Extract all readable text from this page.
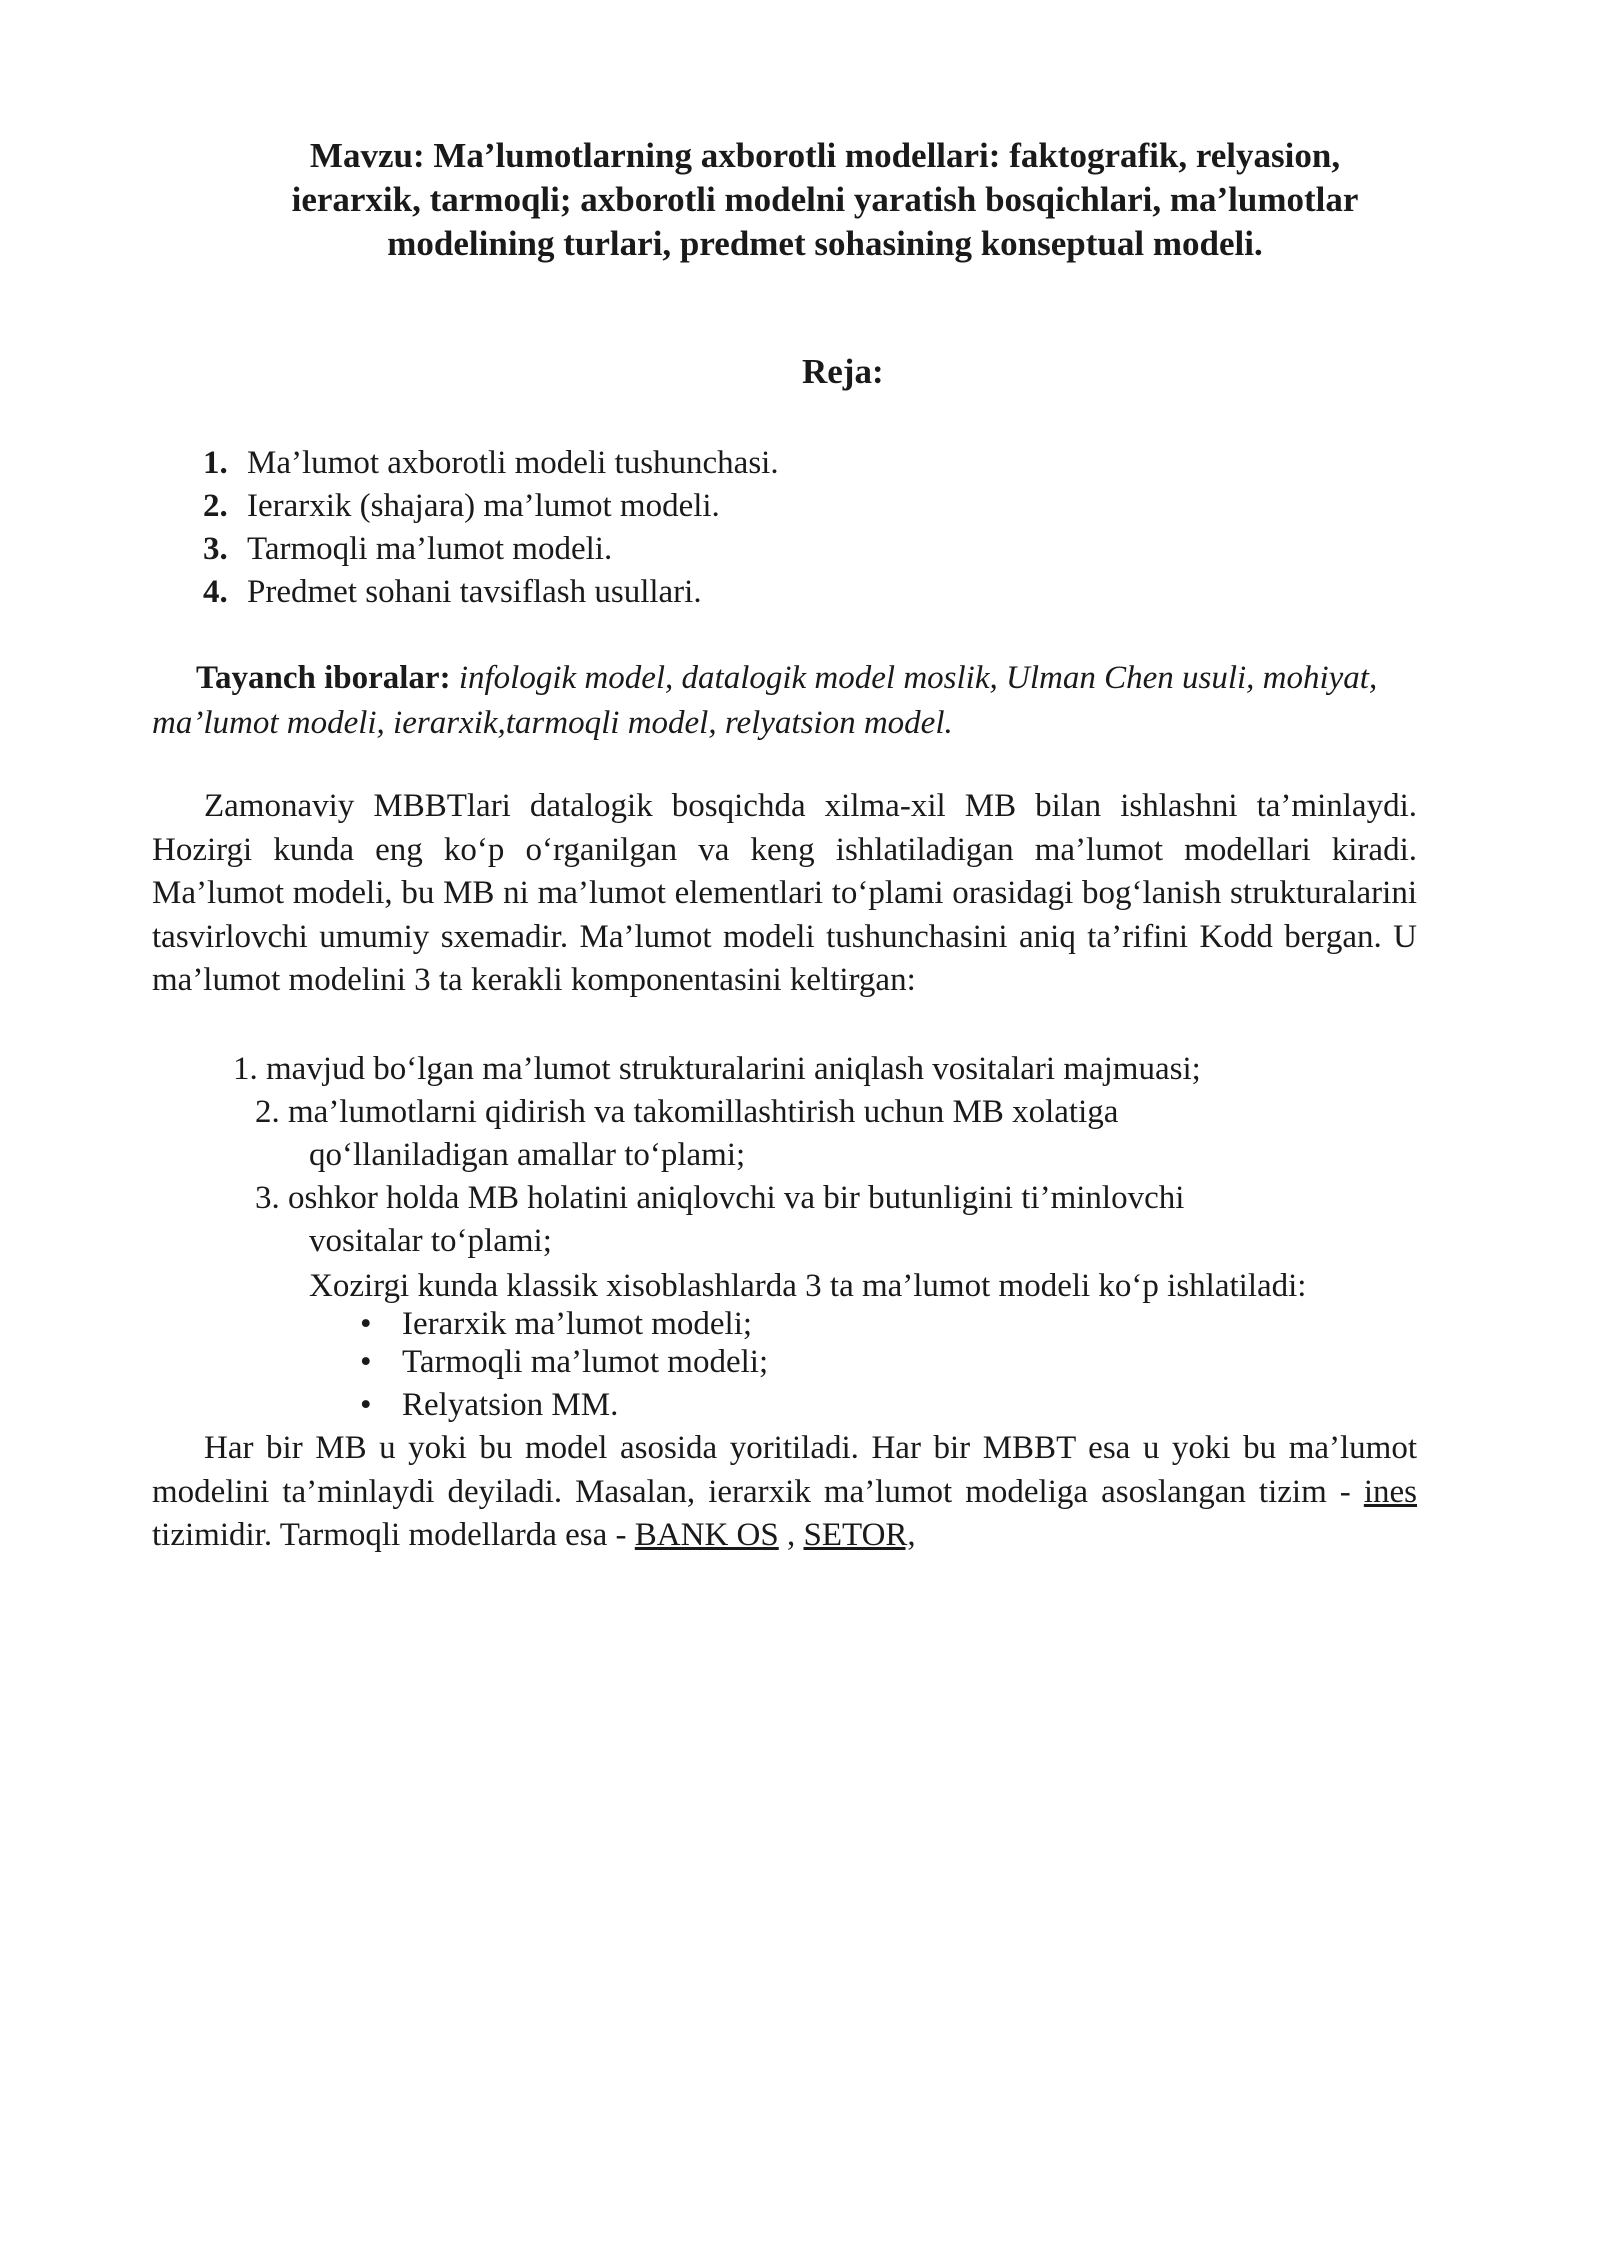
Mavzu: Ma’lumotlarning axborotli modellari: faktografik, relyasion,
ierarxik, tarmoqli; axborotli modelni yaratish bosqichlari, ma’lumotlar
modelining turlari, predmet sohasining konseptual modeli.
Reja:
1. Ma’lumot axborotli modeli tushunchasi.
2. Ierarxik (shajara) ma’lumot modeli.
3. Tarmoqli ma’lumot modeli.
4. Predmet sohani tavsiflash usullari.

Tayanch iboralar: infologik model, datalogik model moslik, Ulman Chen usuli, mohiyat, ma’lumot modeli, ierarxik,tarmoqli model, relyatsion model.

Zamonaviy MBBTlari datalogik bosqichda xilma-xil MB bilan ishlashni ta’minlaydi. Hozirgi kunda eng ko‘p o‘rganilgan va keng ishlatiladigan ma’lumot modellari kiradi. Ma’lumot modeli, bu MB ni ma’lumot elementlari to‘plami orasidagi bog‘lanish strukturalarini tasvirlovchi umumiy sxemadir. Ma’lumot modeli tushunchasini aniq ta’rifini Kodd bergan. U ma’lumot modelini 3 ta kerakli komponentasini keltirgan:

1. mavjud bo‘lgan ma’lumot strukturalarini aniqlash vositalari majmuasi;
2. ma’lumotlarni qidirish va takomillashtirish uchun MB xolatiga
qo‘llaniladigan amallar to‘plami;
3. oshkor holda MB holatini aniqlovchi va bir butunligini ti’minlovchi
vositalar to‘plami;
Xozirgi kunda klassik xisoblashlarda 3 ta ma’lumot modeli ko‘p ishlatiladi:
• Ierarxik ma’lumot modeli;
• Tarmoqli ma’lumot modeli;
• Relyatsion MM.

Har bir MB u yoki bu model asosida yoritiladi. Har bir MBBT esa u yoki bu ma’lumot modelini ta’minlaydi deyiladi. Masalan, ierarxik ma’lumot modeliga asoslangan tizim - ines tizimidir. Tarmoqli modellarda esa - BANK OS , SETOR,
